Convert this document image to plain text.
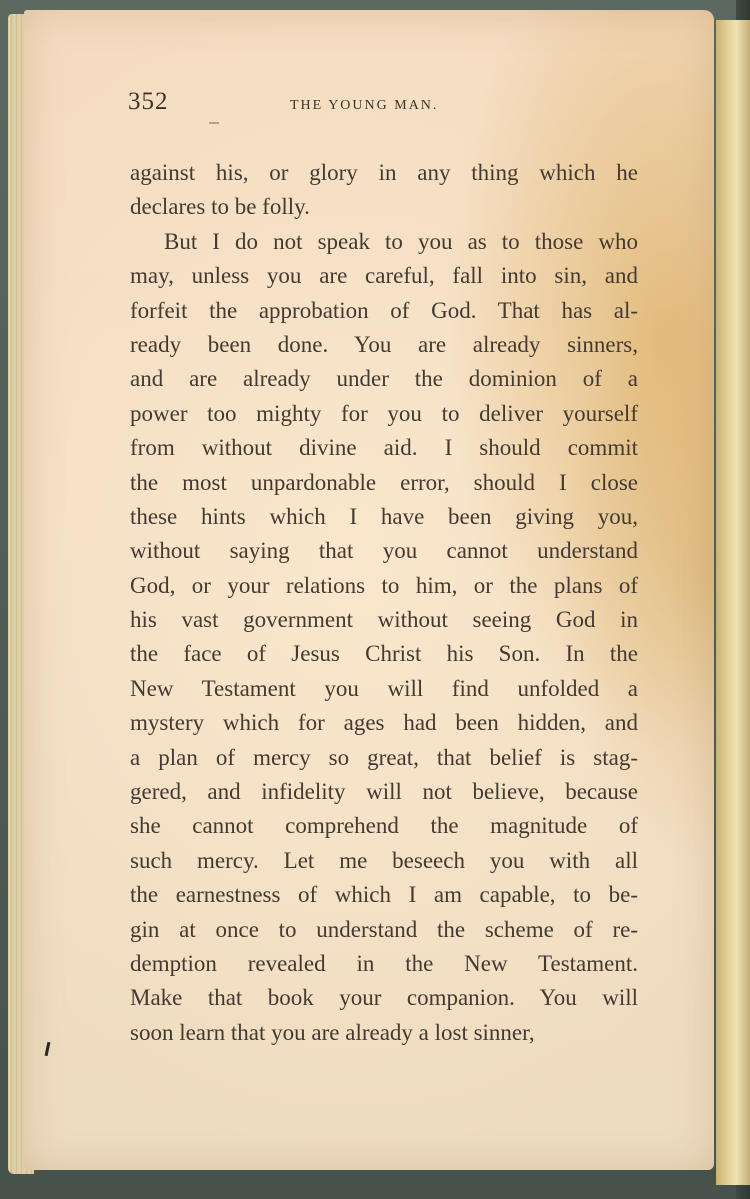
352	THE YOUNG MAN.
against his, or glory in any thing which he
declares to be folly.
But I do not speak to you as to those who
may, unless you are careful, fall into sin, and
forfeit the approbation of God. That has al-
ready been done. You are already sinners,
and are already under the dominion of a
power too mighty for you to deliver yourself
from without divine aid. I should commit
the most unpardonable error, should I close
these hints which I have been giving you,
without saying that you cannot understand
God, or your relations to him, or the plans of
his vast government without seeing God in
the face of Jesus Christ his Son. In the
New Testament you will find unfolded a
mystery which for ages had been hidden, and
a plan of mercy so great, that belief is stag-
gered, and infidelity will not believe, because
she cannot comprehend the magnitude of
such mercy. Let me beseech you with all
the earnestness of which I am capable, to be-
gin at once to understand the scheme of re-
demption revealed in the New Testament.
Make that book your companion. You will
soon learn that you are already a lost sinner,
